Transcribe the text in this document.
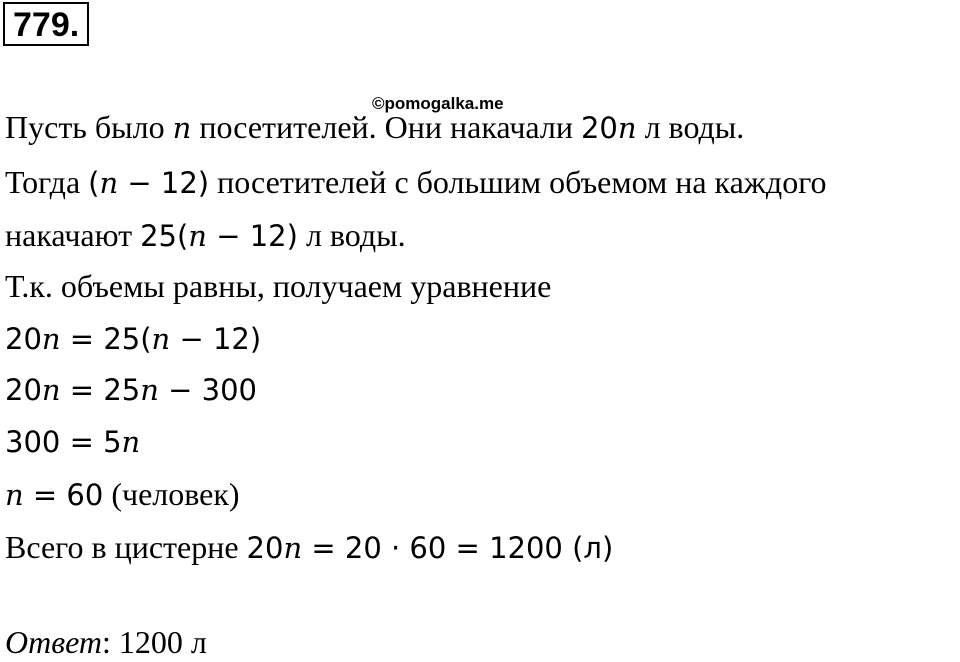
779.
©pomogalka.me
Пусть было n посетителей. Они накачали 20n л воды.
Тогда (n − 12) посетителей с большим объемом на каждого
накачают 25(n − 12) л воды.
Т.к. объемы равны, получаем уравнение
20n = 25(n − 12)
20n = 25n − 300
300 = 5n
n = 60 (человек)
Всего в цистерне 20n = 20 · 60 = 1200 (л)
Ответ: 1200 л
